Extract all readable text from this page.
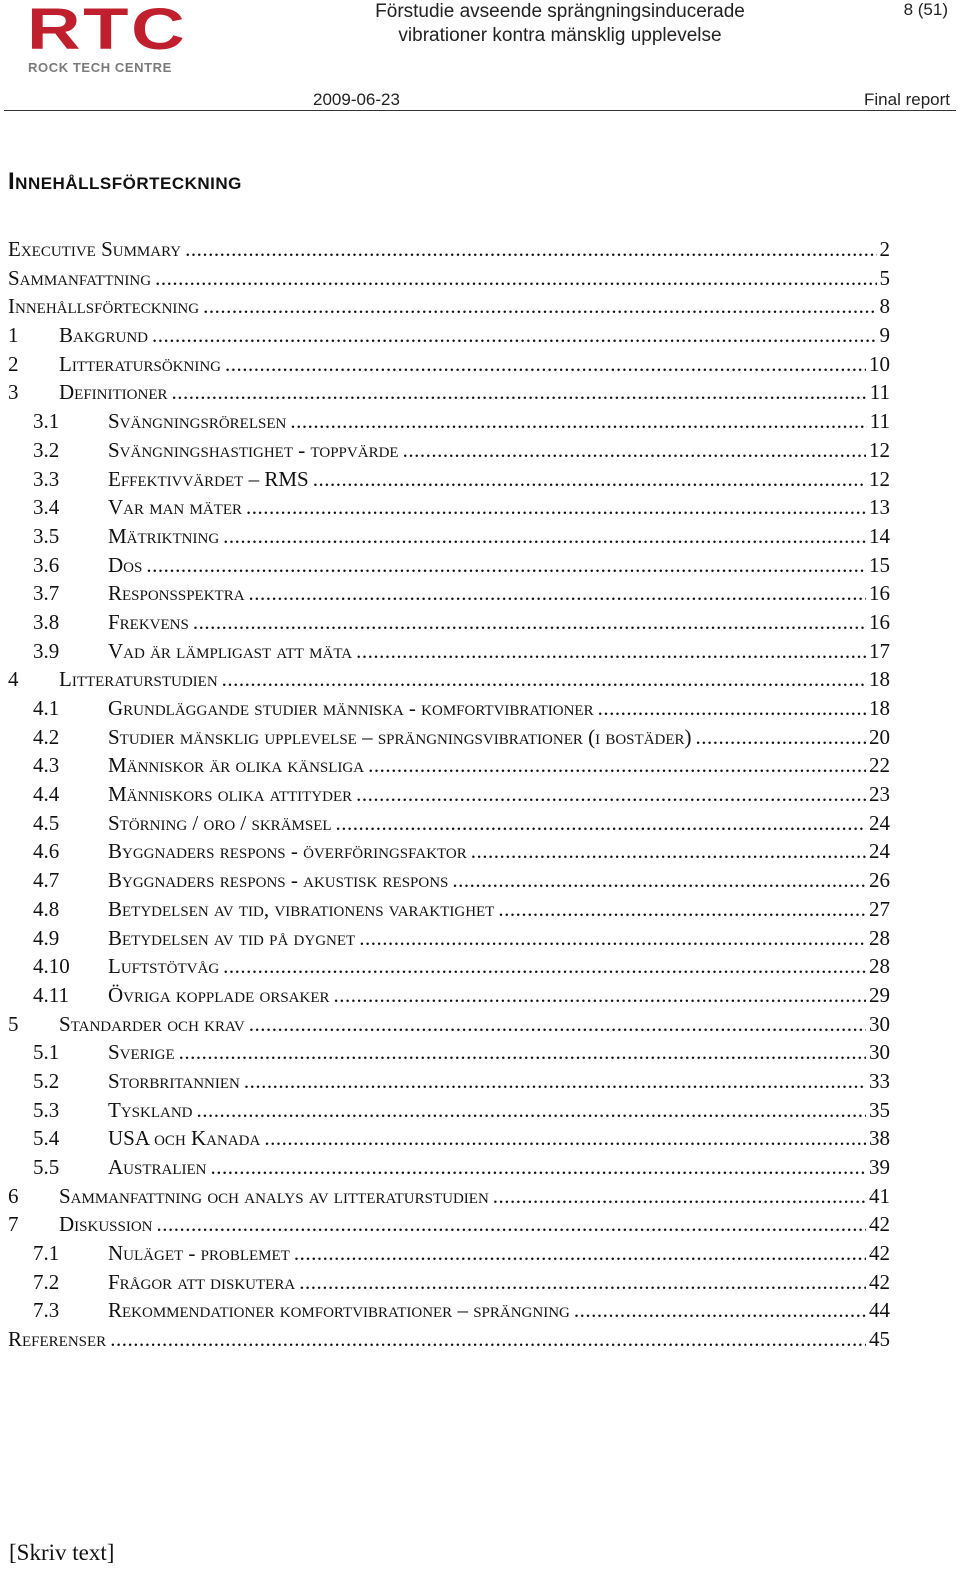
RTC
ROCK TECH CENTRE
Förstudie avseende sprängningsinducerade
vibrationer kontra mänsklig upplevelse
8 (51)
2009-06-23	Final report
Innehållsförteckning
Executive Summary .....	2
Sammanfattning .....	5
Innehållsförteckning .....	8
1	Bakgrund .....	9
2	Litteratursökning .....	10
3	Definitioner .....	11
3.1	Svängningsrörelsen .....	11
3.2	Svängningshastighet - toppvärde .....	12
3.3	Effektivvärdet – RMS .....	12
3.4	Var man mäter .....	13
3.5	Mätriktning .....	14
3.6	Dos .....	15
3.7	Responsspektra .....	16
3.8	Frekvens .....	16
3.9	Vad är lämpligast att mäta .....	17
4	Litteraturstudien .....	18
4.1	Grundläggande studier människa - komfortvibrationer .....	18
4.2	Studier mänsklig upplevelse – sprängningsvibrationer (i bostäder) .....	20
4.3	Människor är olika känsliga .....	22
4.4	Människors olika attityder .....	23
4.5	Störning / oro / skrämsel .....	24
4.6	Byggnaders respons - överföringsfaktor .....	24
4.7	Byggnaders respons - akustisk respons .....	26
4.8	Betydelsen av tid, vibrationens varaktighet .....	27
4.9	Betydelsen av tid på dygnet .....	28
4.10	Luftstötvåg .....	28
4.11	Övriga kopplade orsaker .....	29
5	Standarder och krav .....	30
5.1	Sverige .....	30
5.2	Storbritannien .....	33
5.3	Tyskland .....	35
5.4	USA och Kanada .....	38
5.5	Australien .....	39
6	Sammanfattning och analys av litteraturstudien .....	41
7	Diskussion .....	42
7.1	Nuläget - problemet .....	42
7.2	Frågor att diskutera .....	42
7.3	Rekommendationer komfortvibrationer – sprängning .....	44
Referenser .....	45
[Skriv text]
